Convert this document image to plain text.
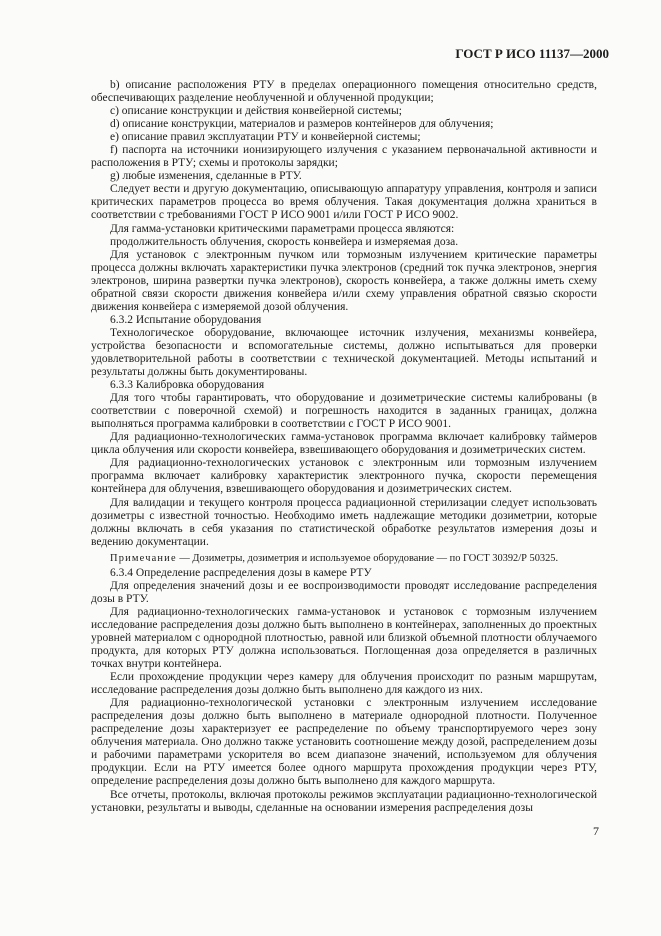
ГОСТ Р ИСО 11137—2000

b) описание расположения РТУ в пределах операционного помещения относительно средств, обеспечивающих разделение необлученной и облученной продукции;

c) описание конструкции и действия конвейерной системы;

d) описание конструкции, материалов и размеров контейнеров для облучения;

e) описание правил эксплуатации РТУ и конвейерной системы;

f) паспорта на источники ионизирующего излучения с указанием первоначальной активности и расположения в РТУ; схемы и протоколы зарядки;

g) любые изменения, сделанные в РТУ.

Следует вести и другую документацию, описывающую аппаратуру управления, контроля и записи критических параметров процесса во время облучения. Такая документация должна храниться в соответствии с требованиями ГОСТ Р ИСО 9001 и/или ГОСТ Р ИСО 9002.

Для гамма-установки критическими параметрами процесса являются:

продолжительность облучения, скорость конвейера и измеряемая доза.

Для установок с электронным пучком или тормозным излучением критические параметры процесса должны включать характеристики пучка электронов (средний ток пучка электронов, энергия электронов, ширина развертки пучка электронов), скорость конвейера, а также должны иметь схему обратной связи скорости движения конвейера и/или схему управления обратной связью скорости движения конвейера с измеряемой дозой облучения.

6.3.2 Испытание оборудования

Технологическое оборудование, включающее источник излучения, механизмы конвейера, устройства безопасности и вспомогательные системы, должно испытываться для проверки удовлетворительной работы в соответствии с технической документацией. Методы испытаний и результаты должны быть документированы.

6.3.3 Калибровка оборудования

Для того чтобы гарантировать, что оборудование и дозиметрические системы калиброваны (в соответствии с поверочной схемой) и погрешность находится в заданных границах, должна выполняться программа калибровки в соответствии с ГОСТ Р ИСО 9001.

Для радиационно-технологических гамма-установок программа включает калибровку таймеров цикла облучения или скорости конвейера, взвешивающего оборудования и дозиметрических систем.

Для радиационно-технологических установок с электронным или тормозным излучением программа включает калибровку характеристик электронного пучка, скорости перемещения контейнера для облучения, взвешивающего оборудования и дозиметрических систем.

Для валидации и текущего контроля процесса радиационной стерилизации следует использовать дозиметры с известной точностью. Необходимо иметь надлежащие методики дозиметрии, которые должны включать в себя указания по статистической обработке результатов измерения дозы и ведению документации.

Примечание — Дозиметры, дозиметрия и используемое оборудование — по ГОСТ 30392/Р 50325.

6.3.4 Определение распределения дозы в камере РТУ

Для определения значений дозы и ее воспроизводимости проводят исследование распределения дозы в РТУ.

Для радиационно-технологических гамма-установок и установок с тормозным излучением исследование распределения дозы должно быть выполнено в контейнерах, заполненных до проектных уровней материалом с однородной плотностью, равной или близкой объемной плотности облучаемого продукта, для которых РТУ должна использоваться. Поглощенная доза определяется в различных точках внутри контейнера.

Если прохождение продукции через камеру для облучения происходит по разным маршрутам, исследование распределения дозы должно быть выполнено для каждого из них.

Для радиационно-технологической установки с электронным излучением исследование распределения дозы должно быть выполнено в материале однородной плотности. Полученное распределение дозы характеризует ее распределение по объему транспортируемого через зону облучения материала. Оно должно также установить соотношение между дозой, распределением дозы и рабочими параметрами ускорителя во всем диапазоне значений, используемом для облучения продукции. Если на РТУ имеется более одного маршрута прохождения продукции через РТУ, определение распределения дозы должно быть выполнено для каждого маршрута.

Все отчеты, протоколы, включая протоколы режимов эксплуатации радиационно-технологической установки, результаты и выводы, сделанные на основании измерения распределения дозы

7
